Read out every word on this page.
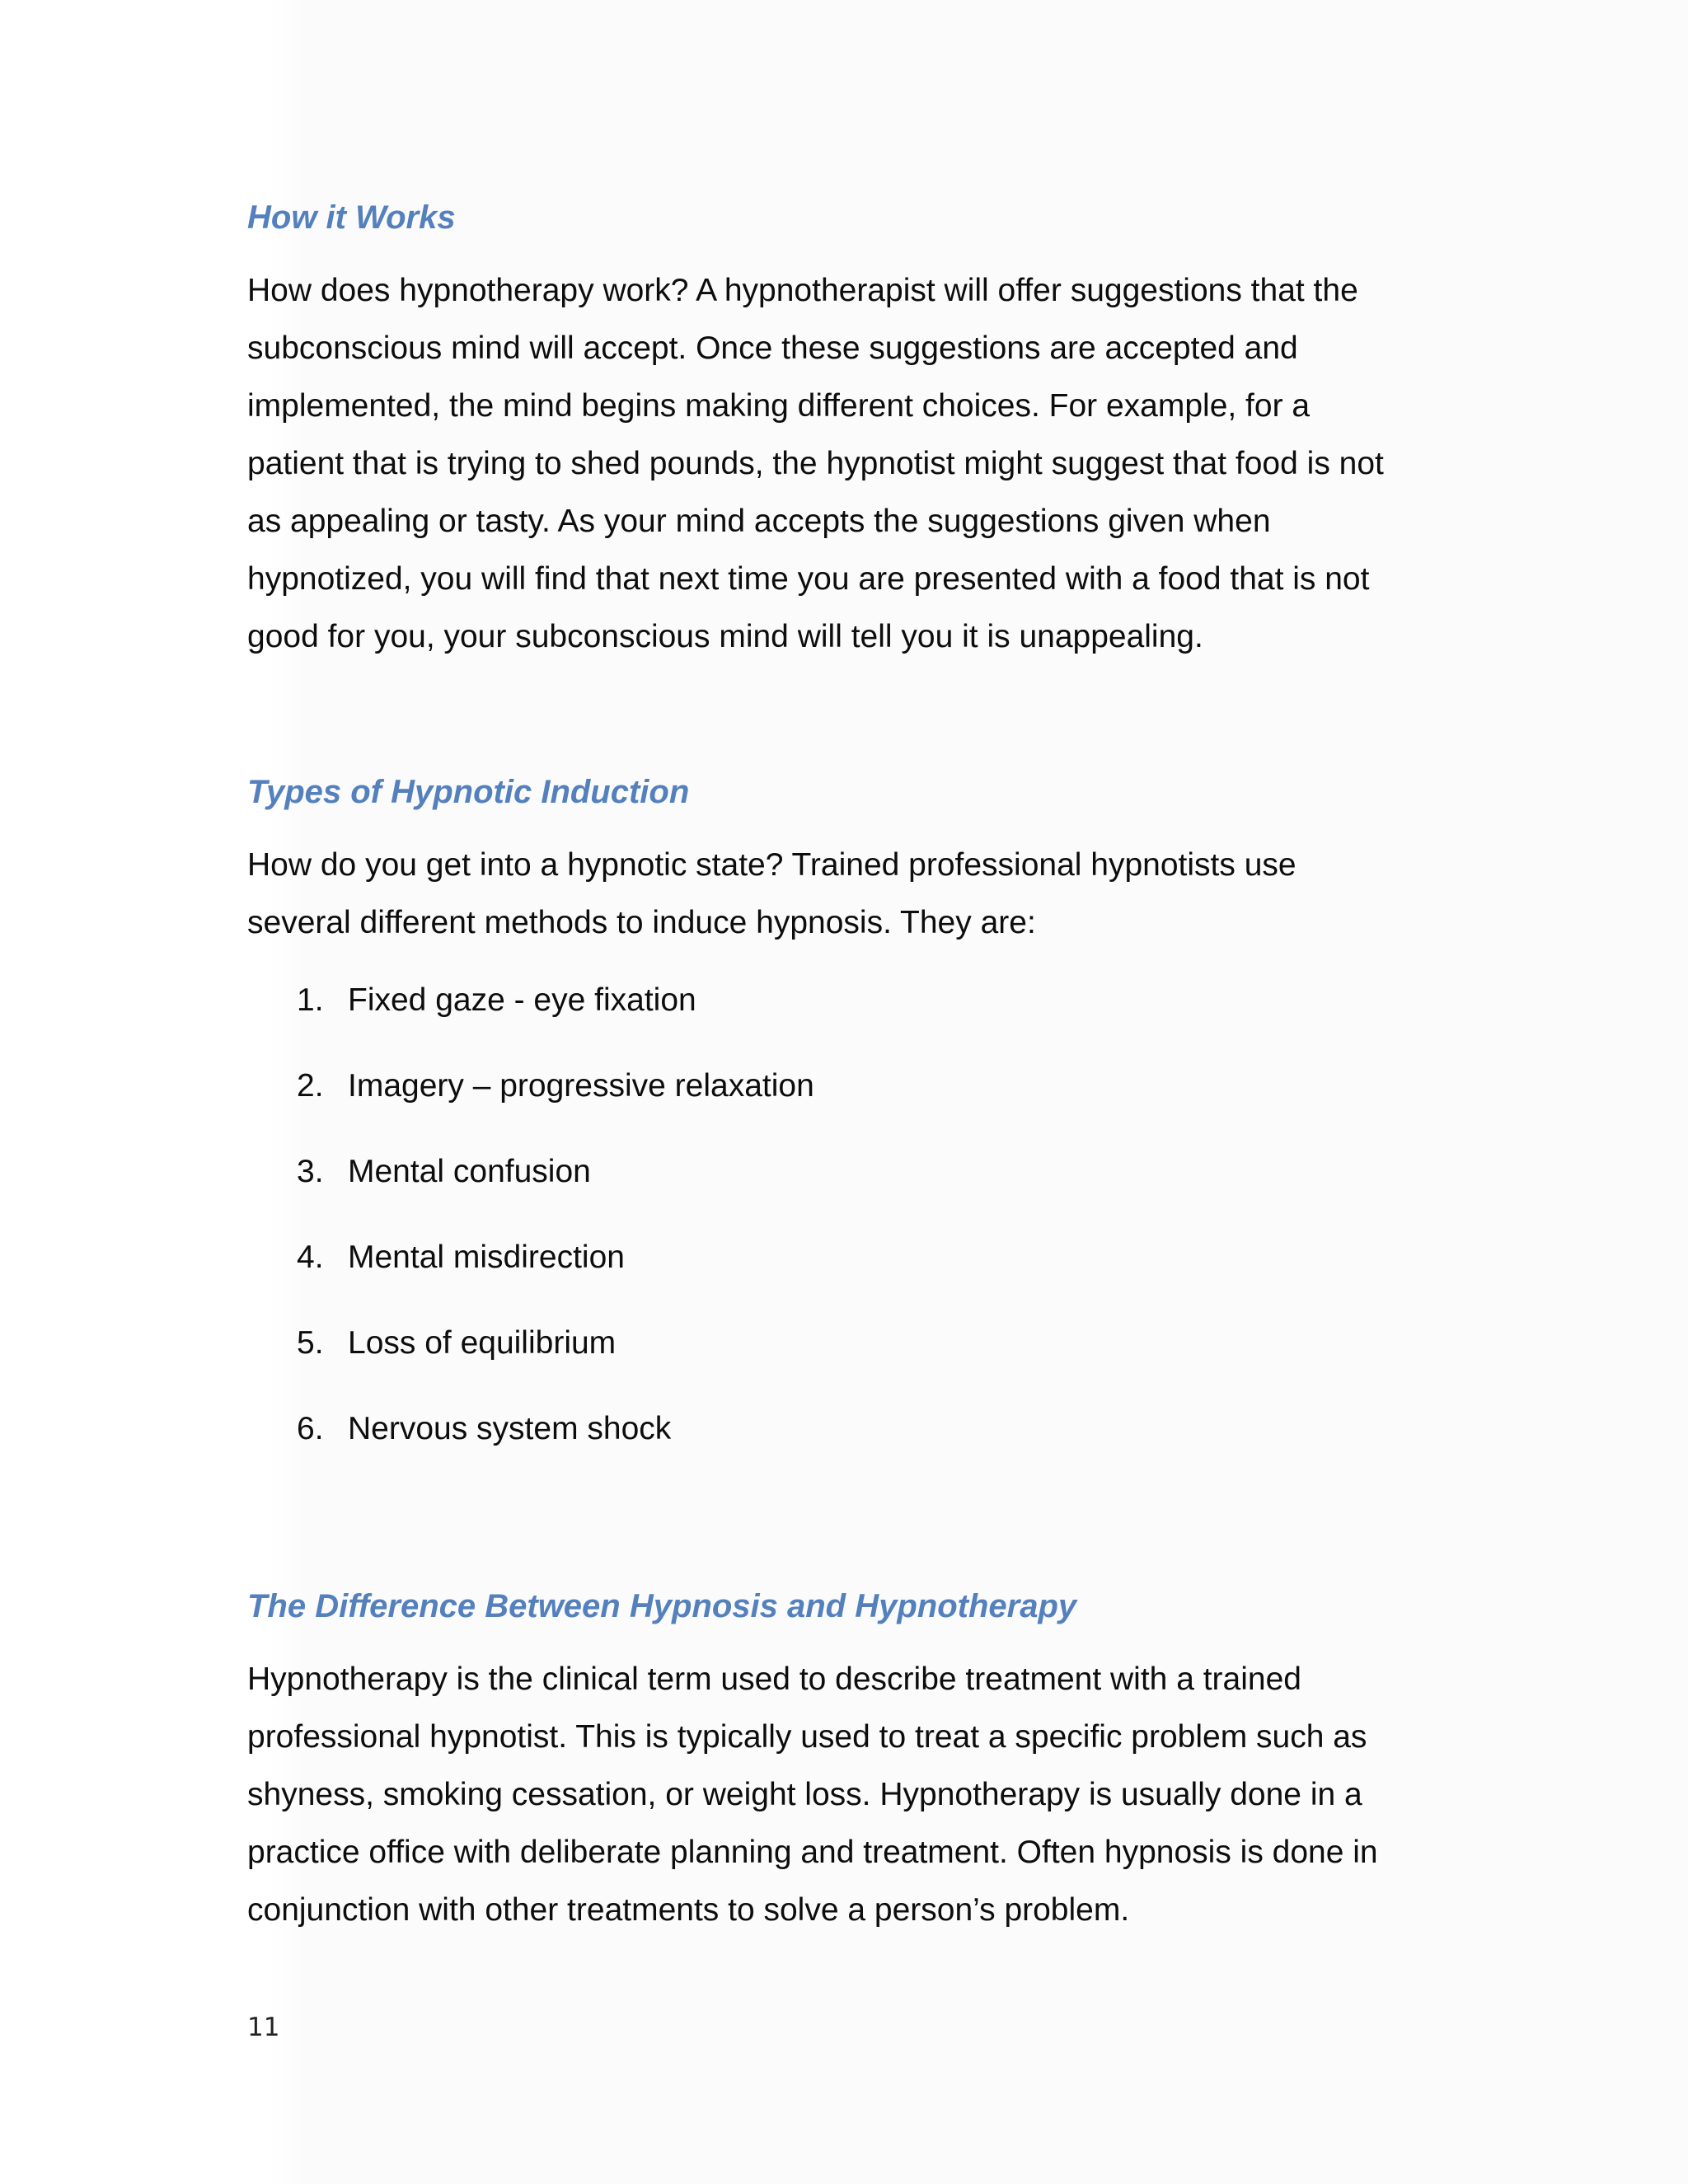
How it Works

How does hypnotherapy work? A hypnotherapist will offer suggestions that the
subconscious mind will accept. Once these suggestions are accepted and
implemented, the mind begins making different choices. For example, for a
patient that is trying to shed pounds, the hypnotist might suggest that food is not
as appealing or tasty. As your mind accepts the suggestions given when
hypnotized, you will find that next time you are presented with a food that is not
good for you, your subconscious mind will tell you it is unappealing.

Types of Hypnotic Induction

How do you get into a hypnotic state? Trained professional hypnotists use
several different methods to induce hypnosis. They are:

1. Fixed gaze - eye fixation
2. Imagery – progressive relaxation
3. Mental confusion
4. Mental misdirection
5. Loss of equilibrium
6. Nervous system shock
The Difference Between Hypnosis and Hypnotherapy

Hypnotherapy is the clinical term used to describe treatment with a trained
professional hypnotist. This is typically used to treat a specific problem such as
shyness, smoking cessation, or weight loss. Hypnotherapy is usually done in a
practice office with deliberate planning and treatment. Often hypnosis is done in
conjunction with other treatments to solve a person’s problem.

11
